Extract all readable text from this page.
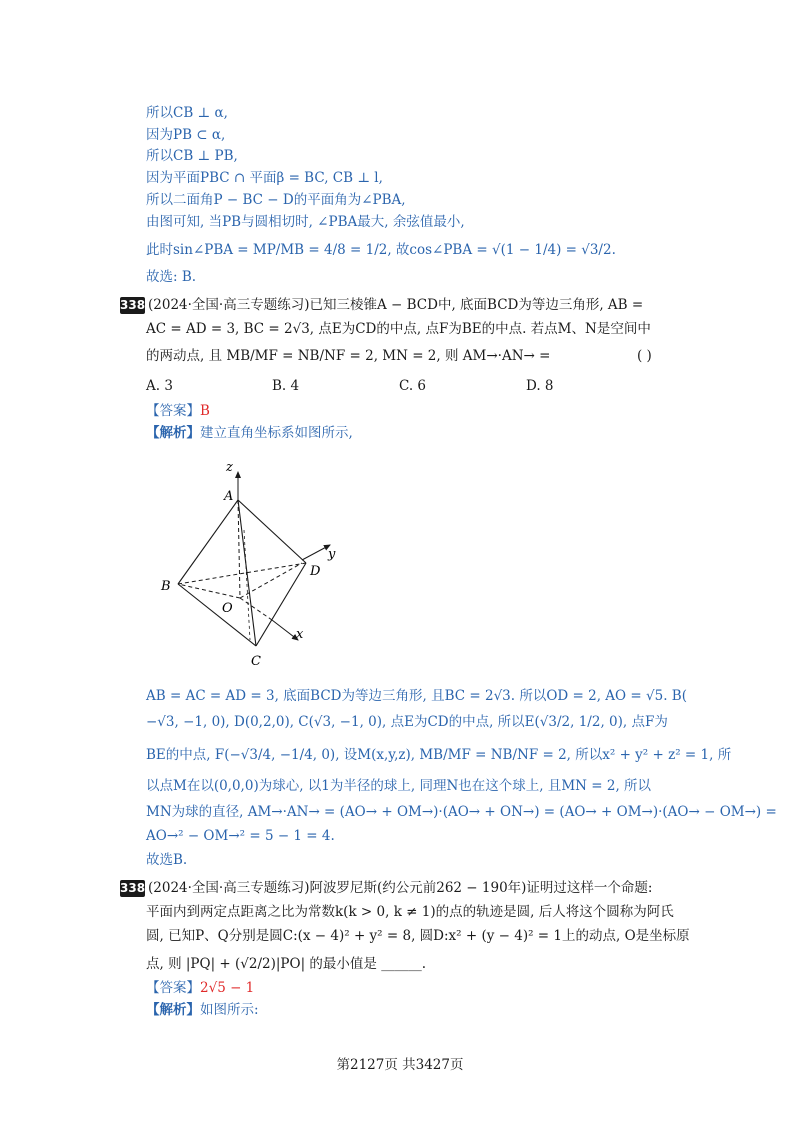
所以CB ⊥ α,
因为PB ⊂ α,
所以CB ⊥ PB,
因为平面PBC ∩ 平面β = BC, CB ⊥ l,
所以二面角P − BC − D的平面角为∠PBA,
由图可知, 当PB与圆相切时, ∠PBA最大, 余弦值最小,
此时sin∠PBA = MP/MB = 4/8 = 1/2, 故cos∠PBA = √(1 − 1/4) = √3/2.
故选: B.
3386
(2024·全国·高三专题练习)已知三棱锥A − BCD中, 底面BCD为等边三角形, AB =
AC = AD = 3, BC = 2√3, 点E为CD的中点, 点F为BE的中点. 若点M、N是空间中
的两动点, 且 MB/MF = NB/NF = 2, MN = 2, 则 AM→·AN→ =	( )
A. 3	B. 4	C. 6	D. 8
【答案】B
【解析】建立直角坐标系如图所示,
z
y
x
A
B
C
D
O
AB = AC = AD = 3, 底面BCD为等边三角形, 且BC = 2√3. 所以OD = 2, AO = √5. B(
−√3, −1, 0), D(0,2,0), C(√3, −1, 0), 点E为CD的中点, 所以E(√3/2, 1/2, 0), 点F为
BE的中点, F(−√3/4, −1/4, 0), 设M(x,y,z), MB/MF = NB/NF = 2, 所以x² + y² + z² = 1, 所
以点M在以(0,0,0)为球心, 以1为半径的球上, 同理N也在这个球上, 且MN = 2, 所以
MN为球的直径, AM→·AN→ = (AO→ + OM→)·(AO→ + ON→) = (AO→ + OM→)·(AO→ − OM→) =
AO→² − OM→² = 5 − 1 = 4.
故选B.
3387
(2024·全国·高三专题练习)阿波罗尼斯(约公元前262 − 190年)证明过这样一个命题:
平面内到两定点距离之比为常数k(k > 0, k ≠ 1)的点的轨迹是圆, 后人将这个圆称为阿氏
圆, 已知P、Q分别是圆C:(x − 4)² + y² = 8, 圆D:x² + (y − 4)² = 1上的动点, O是坐标原
点, 则 |PQ| + (√2/2)|PO| 的最小值是 ______.
【答案】2√5 − 1
【解析】如图所示:
第2127页 共3427页
